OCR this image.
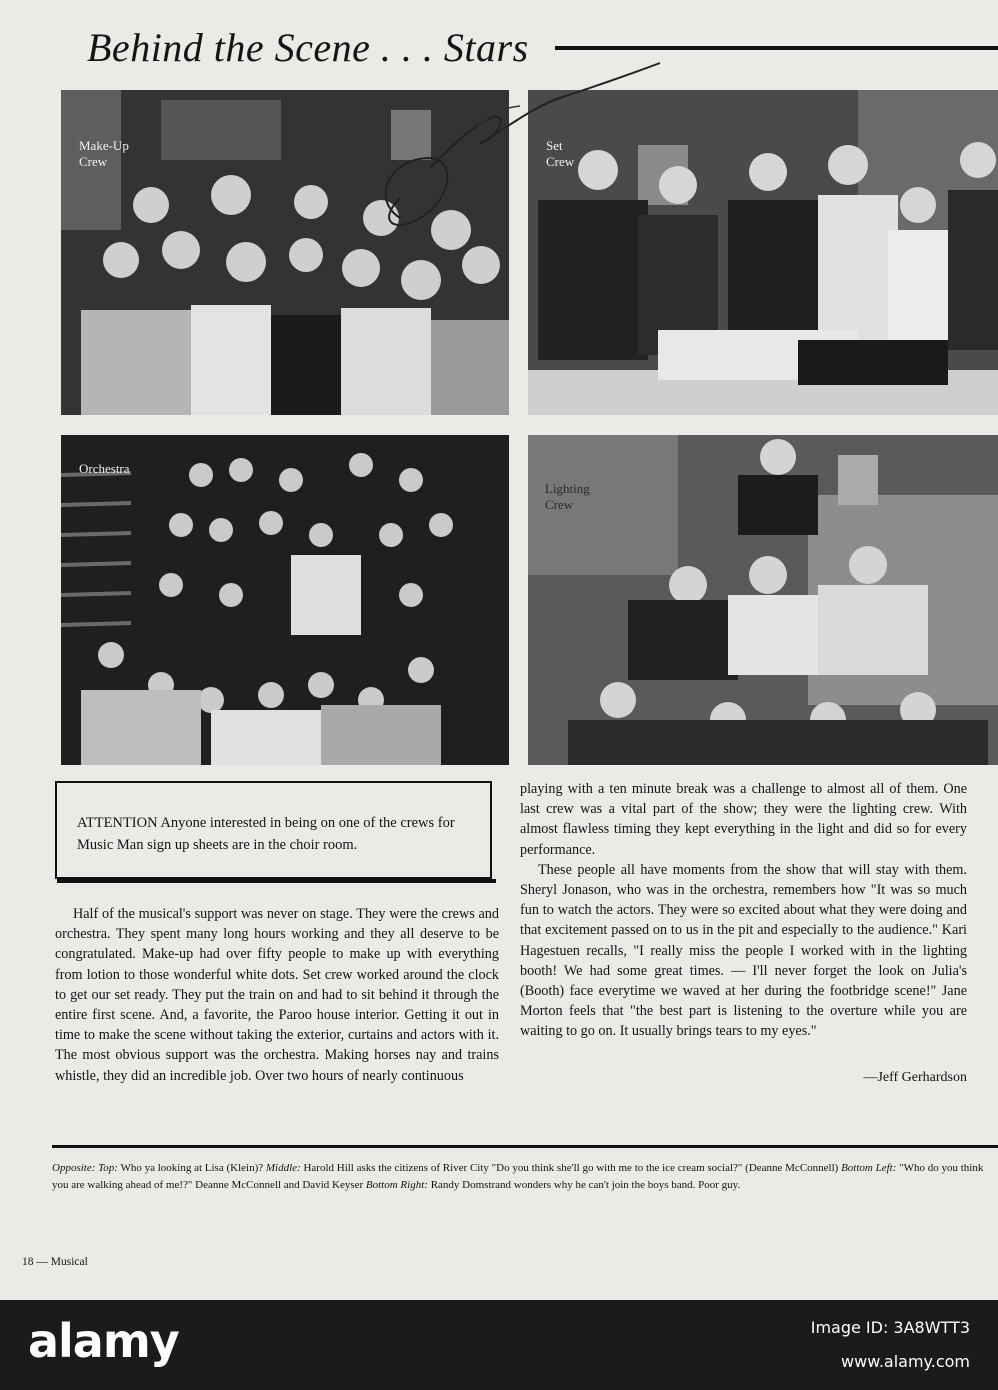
Behind the Scene . . . Stars
Make-Up
Crew
Set
Crew
Orchestra
Lighting
Crew

ATTENTION Anyone interested in being on one of the crews for Music Man sign up sheets are in the choir room.

Half of the musical's support was never on stage. They were the crews and orchestra. They spent many long hours working and they all deserve to be congratulated. Make-up had over fifty people to make up with everything from lotion to those wonderful white dots. Set crew worked around the clock to get our set ready. They put the train on and had to sit behind it through the entire first scene. And, a favorite, the Paroo house interior. Getting it out in time to make the scene without taking the exterior, curtains and actors with it. The most obvious support was the orchestra. Making horses nay and trains whistle, they did an incredible job. Over two hours of nearly continuous

playing with a ten minute break was a challenge to almost all of them. One last crew was a vital part of the show; they were the lighting crew. With almost flawless timing they kept everything in the light and did so for every performance.

These people all have moments from the show that will stay with them. Sheryl Jonason, who was in the orchestra, remembers how "It was so much fun to watch the actors. They were so excited about what they were doing and that excitement passed on to us in the pit and especially to the audience." Kari Hagestuen recalls, "I really miss the people I worked with in the lighting booth! We had some great times. — I'll never forget the look on Julia's (Booth) face everytime we waved at her during the footbridge scene!" Jane Morton feels that "the best part is listening to the overture while you are waiting to go on. It usually brings tears to my eyes."

—Jeff Gerhardson

Opposite: Top: Who ya looking at Lisa (Klein)? Middle: Harold Hill asks the citizens of River City "Do you think she'll go with me to the ice cream social?" (Deanne McConnell) Bottom Left: "Who do you think you are walking ahead of me!?" Deanne McConnell and David Keyser Bottom Right: Randy Domstrand wonders why he can't join the boys band. Poor guy.

18 — Musical

alamy	Image ID: 3A8WTT3

www.alamy.com
